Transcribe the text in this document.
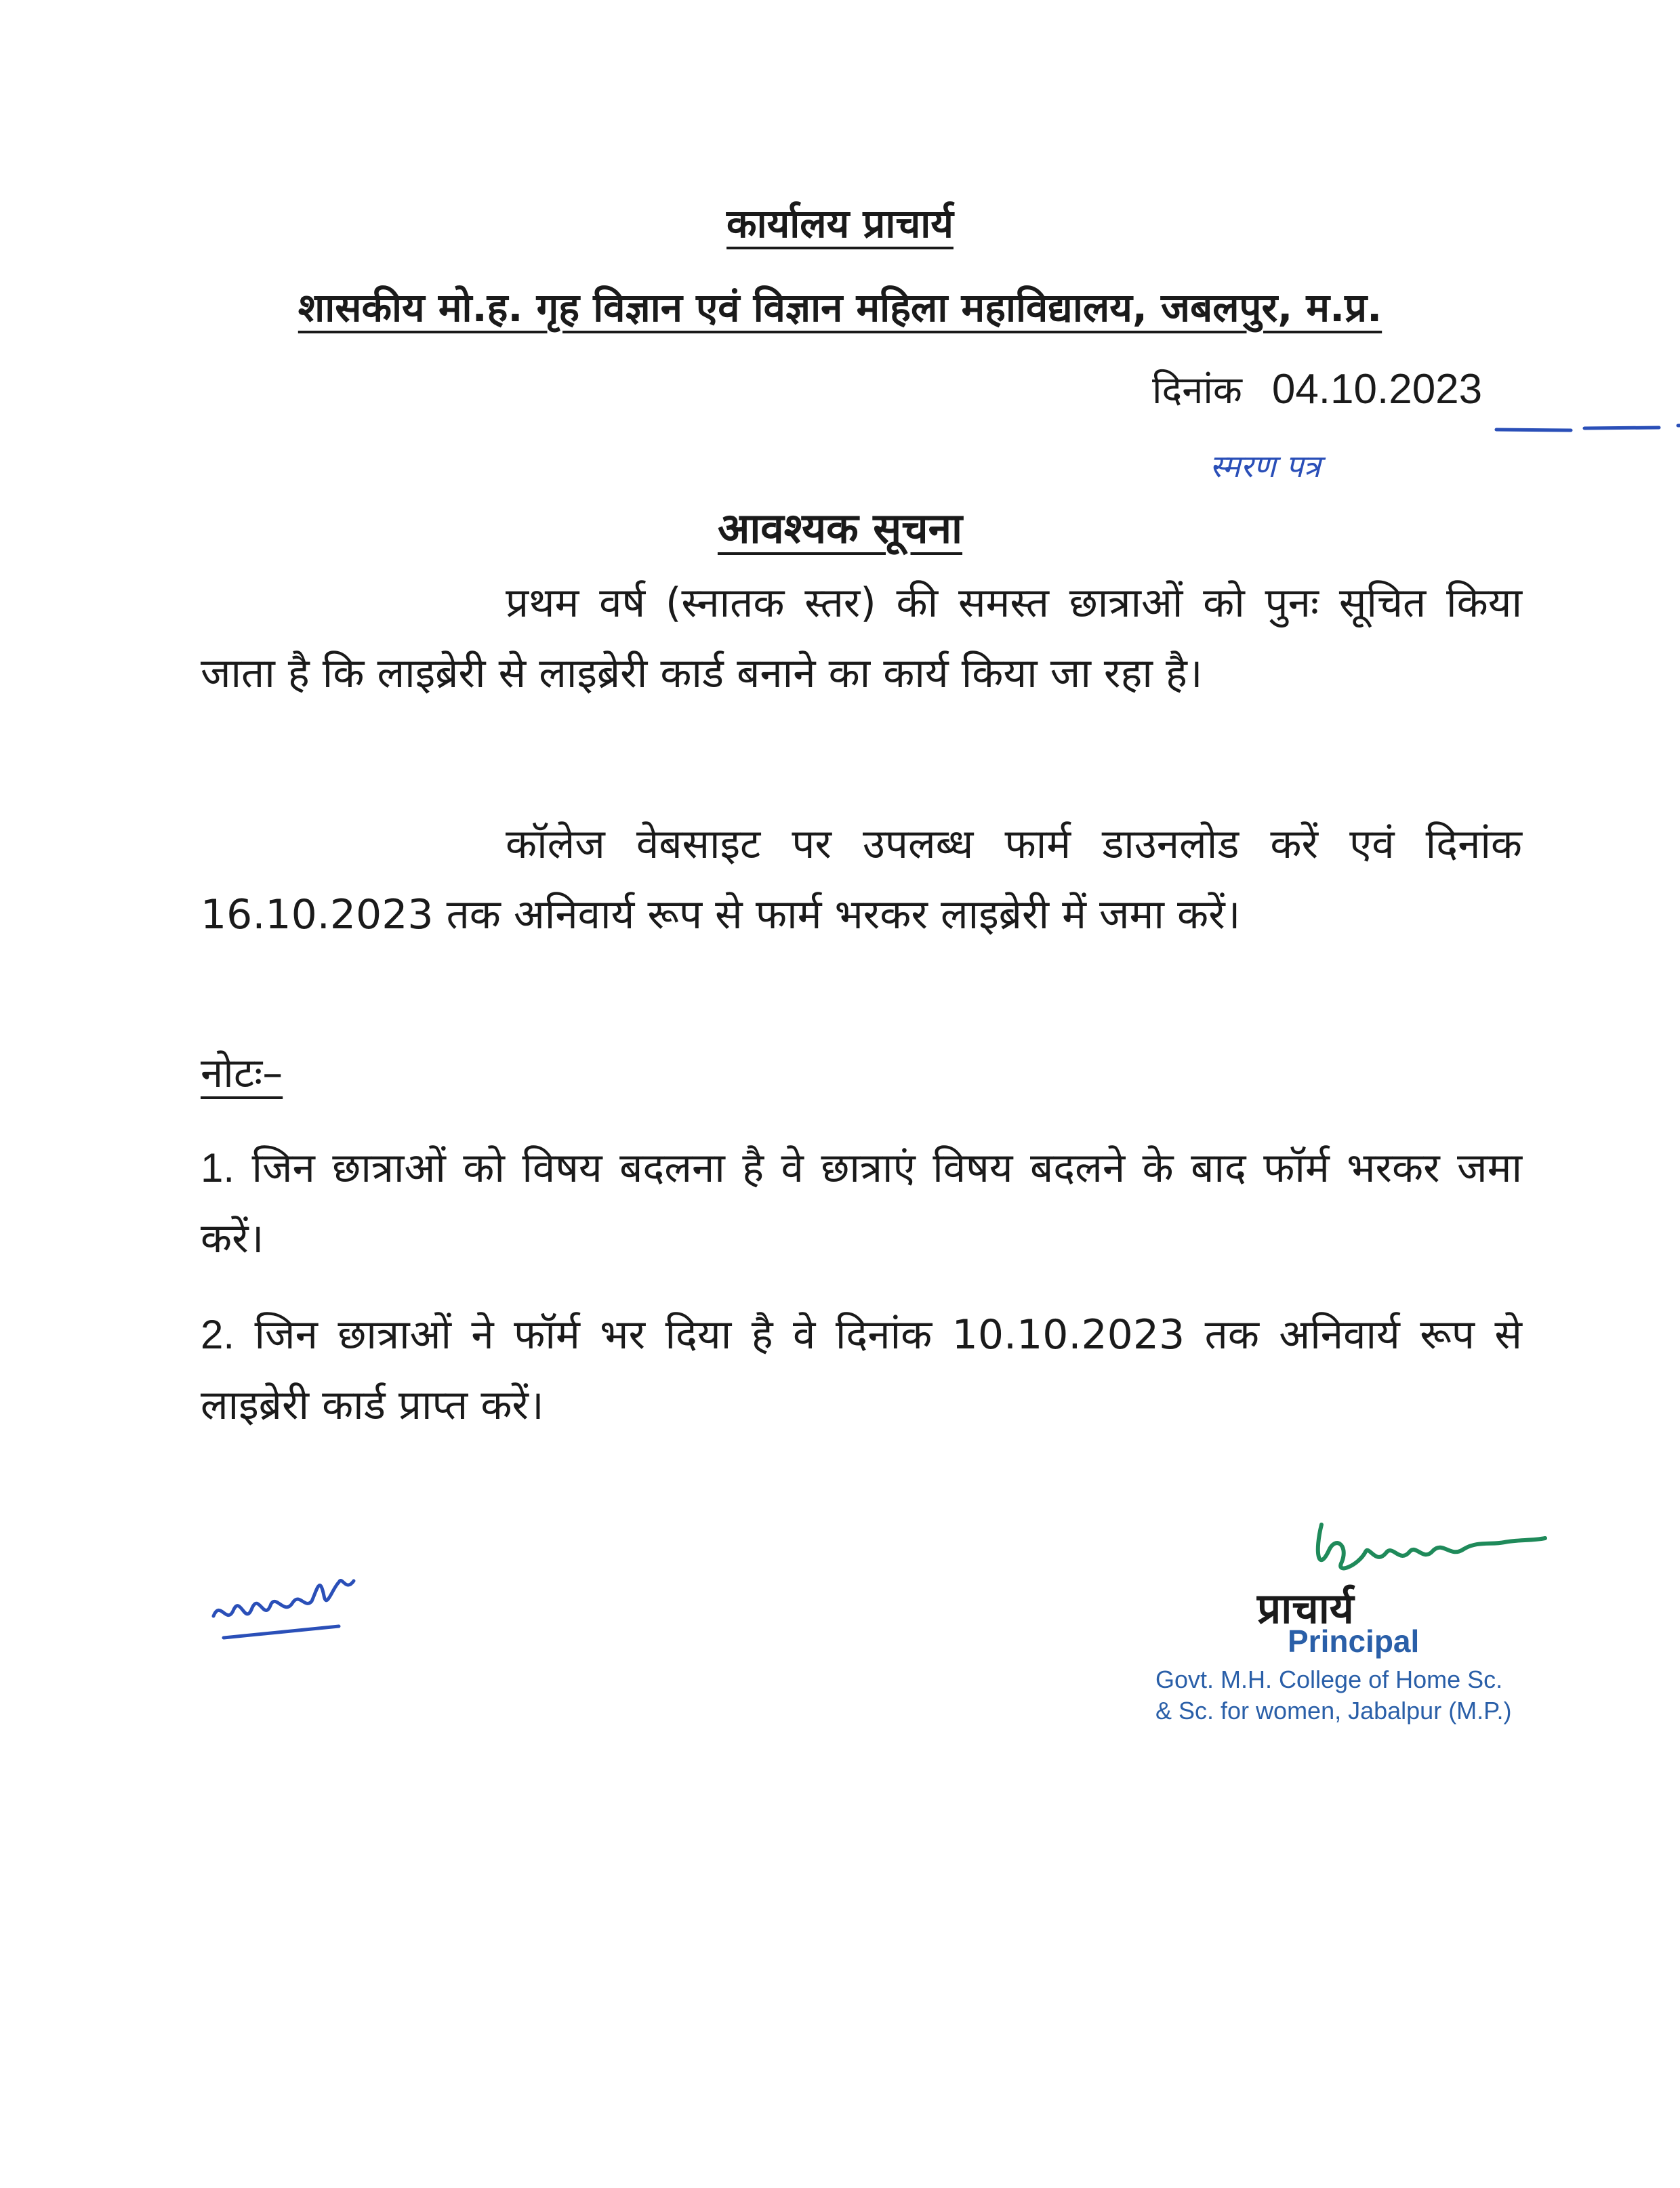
कार्यालय प्राचार्य
शासकीय मो.ह. गृह विज्ञान एवं विज्ञान महिला महाविद्यालय, जबलपुर, म.प्र.
दिनांक 04.10.2023
स्मरण पत्र
आवश्यक सूचना
प्रथम वर्ष (स्नातक स्तर) की समस्त छात्राओं को पुनः सूचित किया जाता है कि लाइब्रेरी से लाइब्रेरी कार्ड बनाने का कार्य किया जा रहा है।
कॉलेज वेबसाइट पर उपलब्ध फार्म डाउनलोड करें एवं दिनांक 16.10.2023 तक अनिवार्य रूप से फार्म भरकर लाइब्रेरी में जमा करें।
नोटः–
1. जिन छात्राओं को विषय बदलना है वे छात्राएं विषय बदलने के बाद फॉर्म भरकर जमा करें।
2. जिन छात्राओं ने फॉर्म भर दिया है वे दिनांक 10.10.2023 तक अनिवार्य रूप से लाइब्रेरी कार्ड प्राप्त करें।
प्राचार्य
Principal
Govt. M.H. College of Home Sc.
& Sc. for women, Jabalpur (M.P.)
